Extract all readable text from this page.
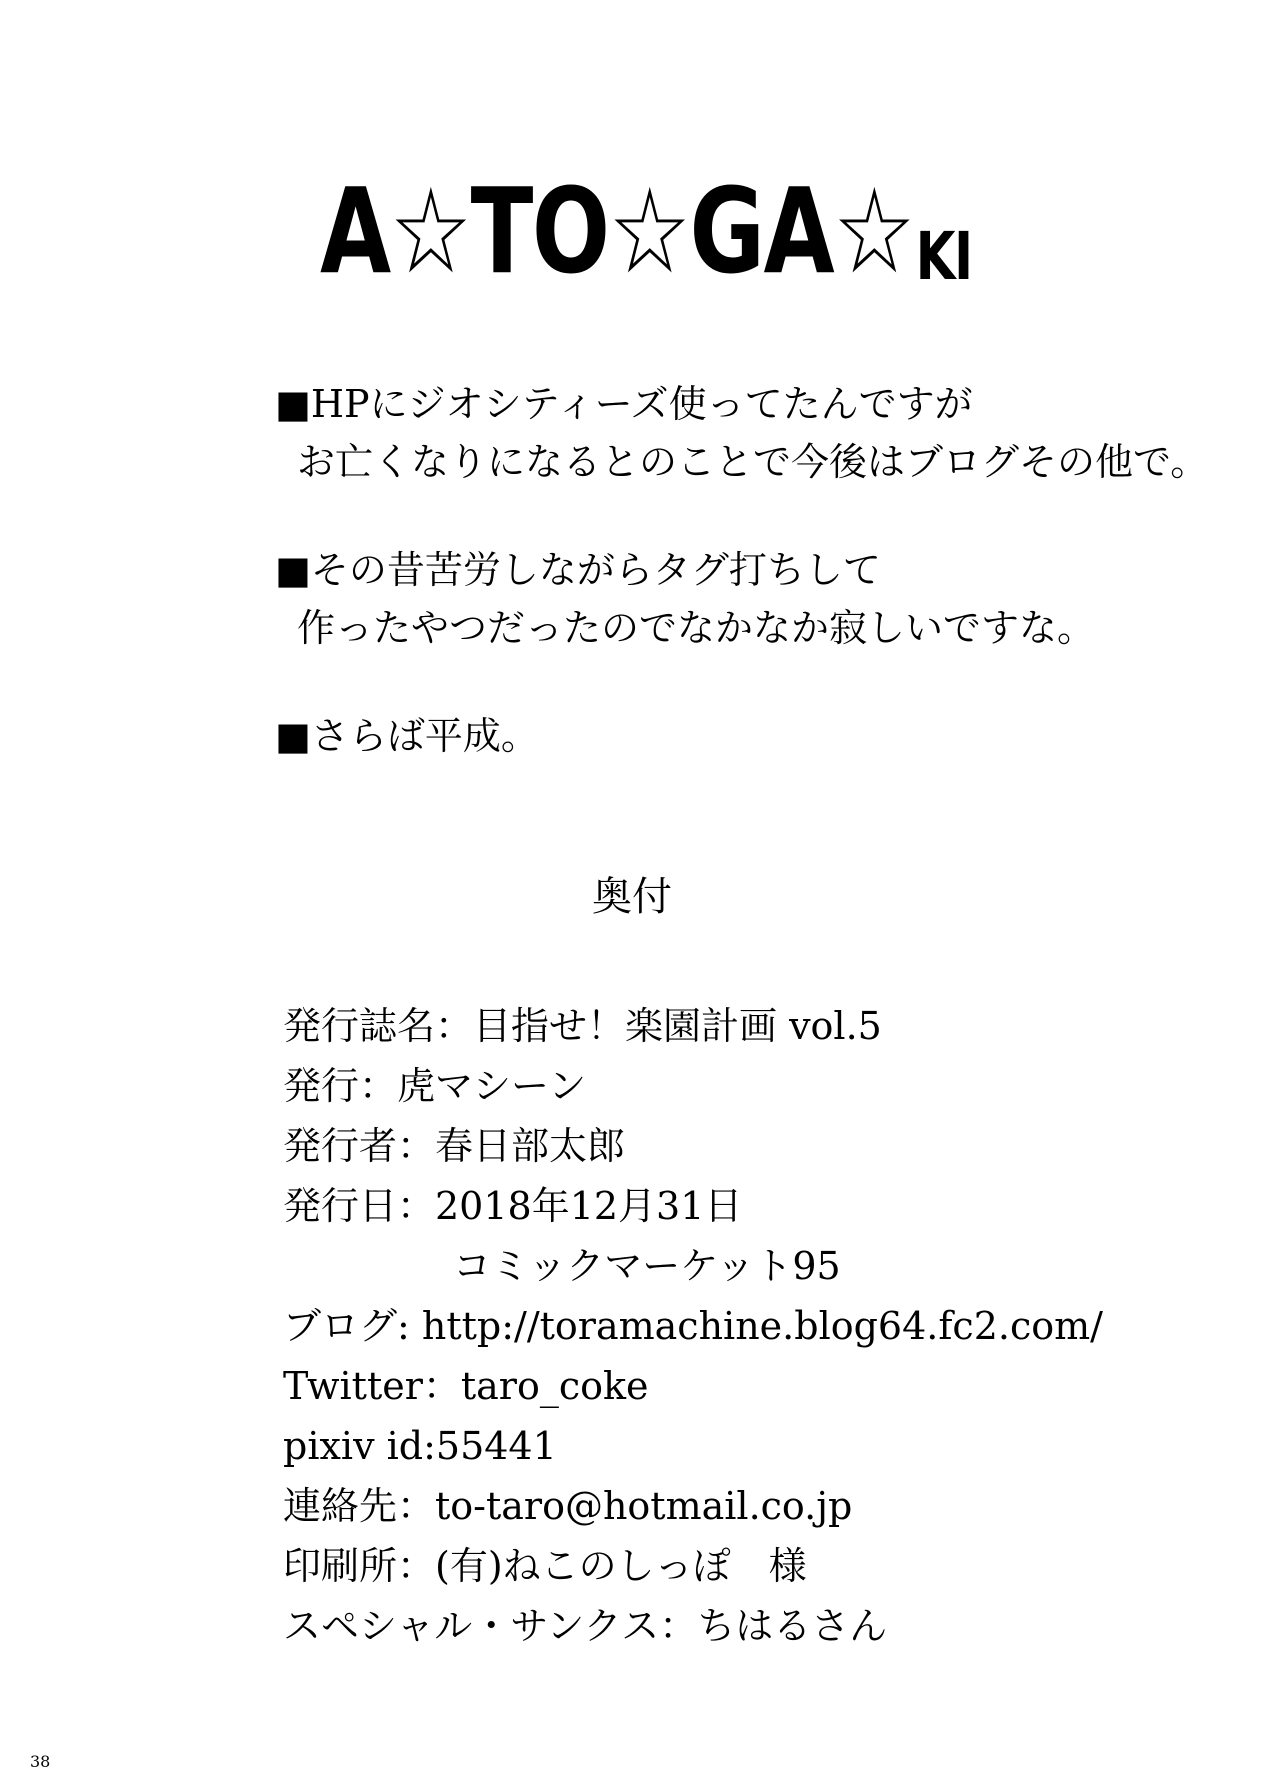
A☆TO☆GA☆ KI
■HPにジオシティーズ使ってたんですが
お亡くなりになるとのことで今後はブログその他で。
■その昔苦労しながらタグ打ちして
作ったやつだったのでなかなか寂しいですな。
■さらば平成。
奥付
発行誌名：目指せ！楽園計画 vol.5
発行：虎マシーン
発行者：春日部太郎
発行日：2018年12月31日
コミックマーケット95
ブログ: http://toramachine.blog64.fc2.com/
Twitter：taro_coke
pixiv id:55441
連絡先：to-taro@hotmail.co.jp
印刷所：(有)ねこのしっぽ　様
スペシャル・サンクス：ちはるさん
38
